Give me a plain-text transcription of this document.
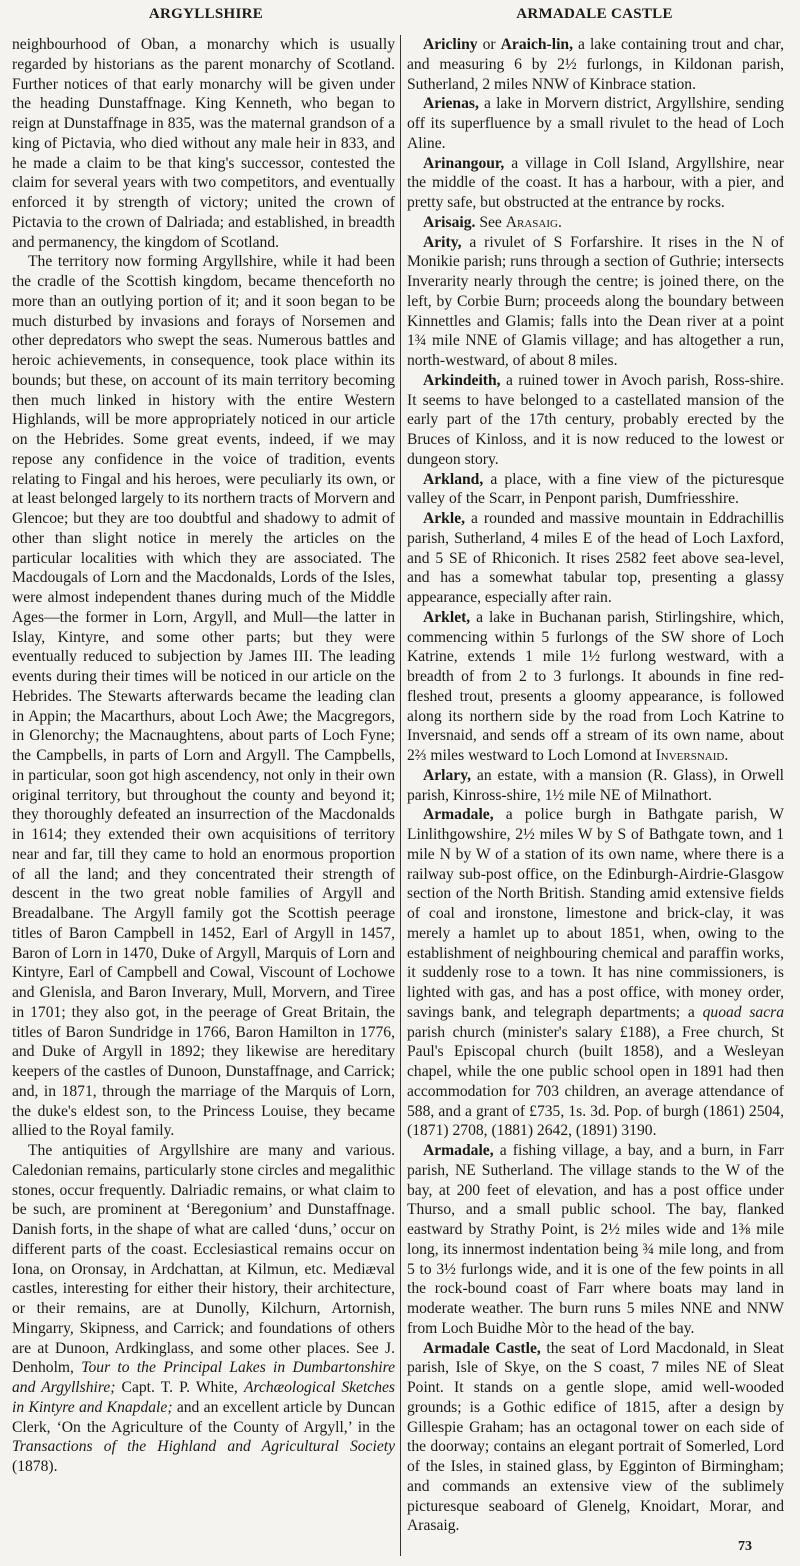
ARGYLLSHIRE	ARMADALE CASTLE

neighbourhood of Oban, a monarchy which is usually regarded by historians as the parent monarchy of Scotland. Further notices of that early monarchy will be given under the heading Dunstaffnage. King Kenneth, who began to reign at Dunstaffnage in 835, was the maternal grandson of a king of Pictavia, who died without any male heir in 833, and he made a claim to be that king's successor, contested the claim for several years with two competitors, and eventually enforced it by strength of victory; united the crown of Pictavia to the crown of Dalriada; and established, in breadth and permanency, the kingdom of Scotland.

The territory now forming Argyllshire, while it had been the cradle of the Scottish kingdom, became thenceforth no more than an outlying portion of it; and it soon began to be much disturbed by invasions and forays of Norsemen and other depredators who swept the seas. Numerous battles and heroic achievements, in consequence, took place within its bounds; but these, on account of its main territory becoming then much linked in history with the entire Western Highlands, will be more appropriately noticed in our article on the Hebrides. Some great events, indeed, if we may repose any confidence in the voice of tradition, events relating to Fingal and his heroes, were peculiarly its own, or at least belonged largely to its northern tracts of Morvern and Glencoe; but they are too doubtful and shadowy to admit of other than slight notice in merely the articles on the particular localities with which they are associated. The Macdougals of Lorn and the Macdonalds, Lords of the Isles, were almost independent thanes during much of the Middle Ages—the former in Lorn, Argyll, and Mull—the latter in Islay, Kintyre, and some other parts; but they were eventually reduced to subjection by James III. The leading events during their times will be noticed in our article on the Hebrides. The Stewarts afterwards became the leading clan in Appin; the Macarthurs, about Loch Awe; the Macgregors, in Glenorchy; the Macnaughtens, about parts of Loch Fyne; the Campbells, in parts of Lorn and Argyll. The Campbells, in particular, soon got high ascendency, not only in their own original territory, but throughout the county and beyond it; they thoroughly defeated an insurrection of the Macdonalds in 1614; they extended their own acquisitions of territory near and far, till they came to hold an enormous proportion of all the land; and they concentrated their strength of descent in the two great noble families of Argyll and Breadalbane. The Argyll family got the Scottish peerage titles of Baron Campbell in 1452, Earl of Argyll in 1457, Baron of Lorn in 1470, Duke of Argyll, Marquis of Lorn and Kintyre, Earl of Campbell and Cowal, Viscount of Lochowe and Glenisla, and Baron Inverary, Mull, Morvern, and Tiree in 1701; they also got, in the peerage of Great Britain, the titles of Baron Sundridge in 1766, Baron Hamilton in 1776, and Duke of Argyll in 1892; they likewise are hereditary keepers of the castles of Dunoon, Dunstaffnage, and Carrick; and, in 1871, through the marriage of the Marquis of Lorn, the duke's eldest son, to the Princess Louise, they became allied to the Royal family.

The antiquities of Argyllshire are many and various. Caledonian remains, particularly stone circles and megalithic stones, occur frequently. Dalriadic remains, or what claim to be such, are prominent at ‘Beregonium’ and Dunstaffnage. Danish forts, in the shape of what are called ‘duns,’ occur on different parts of the coast. Ecclesiastical remains occur on Iona, on Oronsay, in Ardchattan, at Kilmun, etc. Mediæval castles, interesting for either their history, their architecture, or their remains, are at Dunolly, Kilchurn, Artornish, Mingarry, Skipness, and Carrick; and foundations of others are at Dunoon, Ardkinglass, and some other places. See J. Denholm, Tour to the Principal Lakes in Dumbartonshire and Argyllshire; Capt. T. P. White, Archæological Sketches in Kintyre and Knapdale; and an excellent article by Duncan Clerk, ‘On the Agriculture of the County of Argyll,’ in the Transactions of the Highland and Agricultural Society (1878).

Aricliny or Araich-lin, a lake containing trout and char, and measuring 6 by 2½ furlongs, in Kildonan parish, Sutherland, 2 miles NNW of Kinbrace station.

Arienas, a lake in Morvern district, Argyllshire, sending off its superfluence by a small rivulet to the head of Loch Aline.

Arinangour, a village in Coll Island, Argyllshire, near the middle of the coast. It has a harbour, with a pier, and pretty safe, but obstructed at the entrance by rocks.

Arisaig. See Arasaig.

Arity, a rivulet of S Forfarshire. It rises in the N of Monikie parish; runs through a section of Guthrie; intersects Inverarity nearly through the centre; is joined there, on the left, by Corbie Burn; proceeds along the boundary between Kinnettles and Glamis; falls into the Dean river at a point 1¾ mile NNE of Glamis village; and has altogether a run, north-westward, of about 8 miles.

Arkindeith, a ruined tower in Avoch parish, Ross-shire. It seems to have belonged to a castellated mansion of the early part of the 17th century, probably erected by the Bruces of Kinloss, and it is now reduced to the lowest or dungeon story.

Arkland, a place, with a fine view of the picturesque valley of the Scarr, in Penpont parish, Dumfriesshire.

Arkle, a rounded and massive mountain in Eddrachillis parish, Sutherland, 4 miles E of the head of Loch Laxford, and 5 SE of Rhiconich. It rises 2582 feet above sea-level, and has a somewhat tabular top, presenting a glassy appearance, especially after rain.

Arklet, a lake in Buchanan parish, Stirlingshire, which, commencing within 5 furlongs of the SW shore of Loch Katrine, extends 1 mile 1½ furlong westward, with a breadth of from 2 to 3 furlongs. It abounds in fine red-fleshed trout, presents a gloomy appearance, is followed along its northern side by the road from Loch Katrine to Inversnaid, and sends off a stream of its own name, about 2⅔ miles westward to Loch Lomond at Inversnaid.

Arlary, an estate, with a mansion (R. Glass), in Orwell parish, Kinross-shire, 1½ mile NE of Milnathort.

Armadale, a police burgh in Bathgate parish, W Linlithgowshire, 2½ miles W by S of Bathgate town, and 1 mile N by W of a station of its own name, where there is a railway sub-post office, on the Edinburgh-Airdrie-Glasgow section of the North British. Standing amid extensive fields of coal and ironstone, limestone and brick-clay, it was merely a hamlet up to about 1851, when, owing to the establishment of neighbouring chemical and paraffin works, it suddenly rose to a town. It has nine commissioners, is lighted with gas, and has a post office, with money order, savings bank, and telegraph departments; a quoad sacra parish church (minister's salary £188), a Free church, St Paul's Episcopal church (built 1858), and a Wesleyan chapel, while the one public school open in 1891 had then accommodation for 703 children, an average attendance of 588, and a grant of £735, 1s. 3d. Pop. of burgh (1861) 2504, (1871) 2708, (1881) 2642, (1891) 3190.

Armadale, a fishing village, a bay, and a burn, in Farr parish, NE Sutherland. The village stands to the W of the bay, at 200 feet of elevation, and has a post office under Thurso, and a small public school. The bay, flanked eastward by Strathy Point, is 2½ miles wide and 1⅜ mile long, its innermost indentation being ¾ mile long, and from 5 to 3½ furlongs wide, and it is one of the few points in all the rock-bound coast of Farr where boats may land in moderate weather. The burn runs 5 miles NNE and NNW from Loch Buidhe Mòr to the head of the bay.

Armadale Castle, the seat of Lord Macdonald, in Sleat parish, Isle of Skye, on the S coast, 7 miles NE of Sleat Point. It stands on a gentle slope, amid well-wooded grounds; is a Gothic edifice of 1815, after a design by Gillespie Graham; has an octagonal tower on each side of the doorway; contains an elegant portrait of Somerled, Lord of the Isles, in stained glass, by Egginton of Birmingham; and commands an extensive view of the sublimely picturesque seaboard of Glenelg, Knoidart, Morar, and Arasaig.

73
